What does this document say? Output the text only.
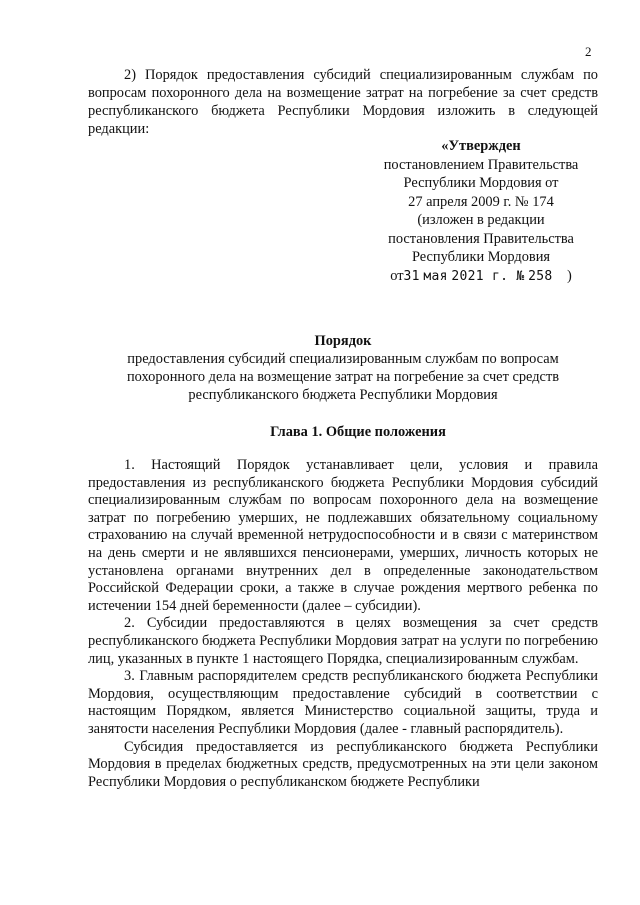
2

2) Порядок предоставления субсидий специализированным службам по вопросам похоронного дела на возмещение затрат на погребение за счет средств республиканского бюджета Республики Мордовия изложить в следующей редакции:

«Утвержден
постановлением Правительства
Республики Мордовия от
27 апреля 2009 г. № 174
(изложен в редакции
постановления Правительства
Республики Мордовия
от31 мая 2021 г. № 258 )
Порядок
предоставления субсидий специализированным службам по вопросам
похоронного дела на возмещение затрат на погребение за счет средств
республиканского бюджета Республики Мордовия
Глава 1. Общие положения

1. Настоящий Порядок устанавливает цели, условия и правила предоставления из республиканского бюджета Республики Мордовия субсидий специализированным службам по вопросам похоронного дела на возмещение затрат по погребению умерших, не подлежавших обязательному социальному страхованию на случай временной нетрудоспособности и в связи с материнством на день смерти и не являвшихся пенсионерами, умерших, личность которых не установлена органами внутренних дел в определенные законодательством Российской Федерации сроки, а также в случае рождения мертвого ребенка по истечении 154 дней беременности (далее – субсидии).

2. Субсидии предоставляются в целях возмещения за счет средств республиканского бюджета Республики Мордовия затрат на услуги по погребению лиц, указанных в пункте 1 настоящего Порядка, специализированным службам.

3. Главным распорядителем средств республиканского бюджета Республики Мордовия, осуществляющим предоставление субсидий в соответствии с настоящим Порядком, является Министерство социальной защиты, труда и занятости населения Республики Мордовия (далее - главный распорядитель).

Субсидия предоставляется из республиканского бюджета Республики Мордовия в пределах бюджетных средств, предусмотренных на эти цели законом Республики Мордовия о республиканском бюджете Республики
